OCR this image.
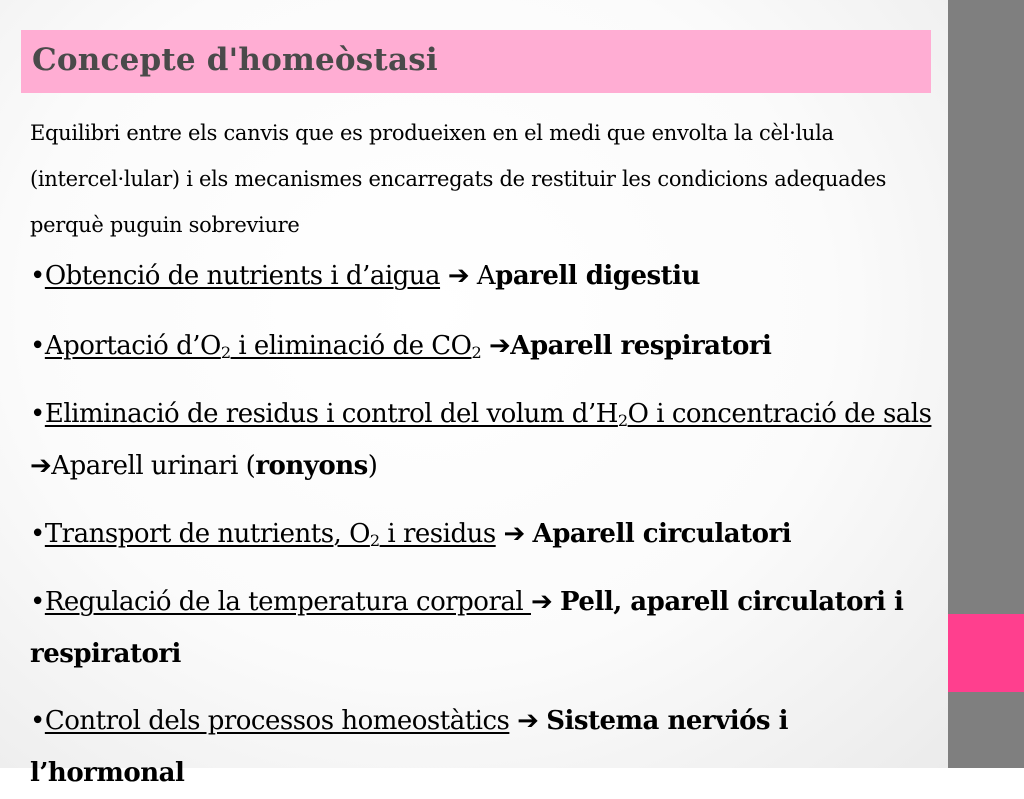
Concepte d'homeòstasi
Equilibri entre els canvis que es produeixen en el medi que envolta la cèl·lula (intercel·lular) i els mecanismes encarregats de restituir les condicions adequades perquè puguin sobreviure
•Obtenció de nutrients i d’aigua ➔ Aparell digestiu
•Aportació $d’O_2$ i eliminació de $CO_2$ ➔Aparell respiratori
•Eliminació de residus i control del volum $d’H_2O$ i concentració de sals ➔Aparell urinari (ronyons)
•Transport de nutrients, $O_2$ i residus ➔ Aparell circulatori
•Regulació de la temperatura corporal ➔ Pell, aparell circulatori i respiratori
•Control dels processos homeostàtics ➔ Sistema nerviós i l’hormonal
